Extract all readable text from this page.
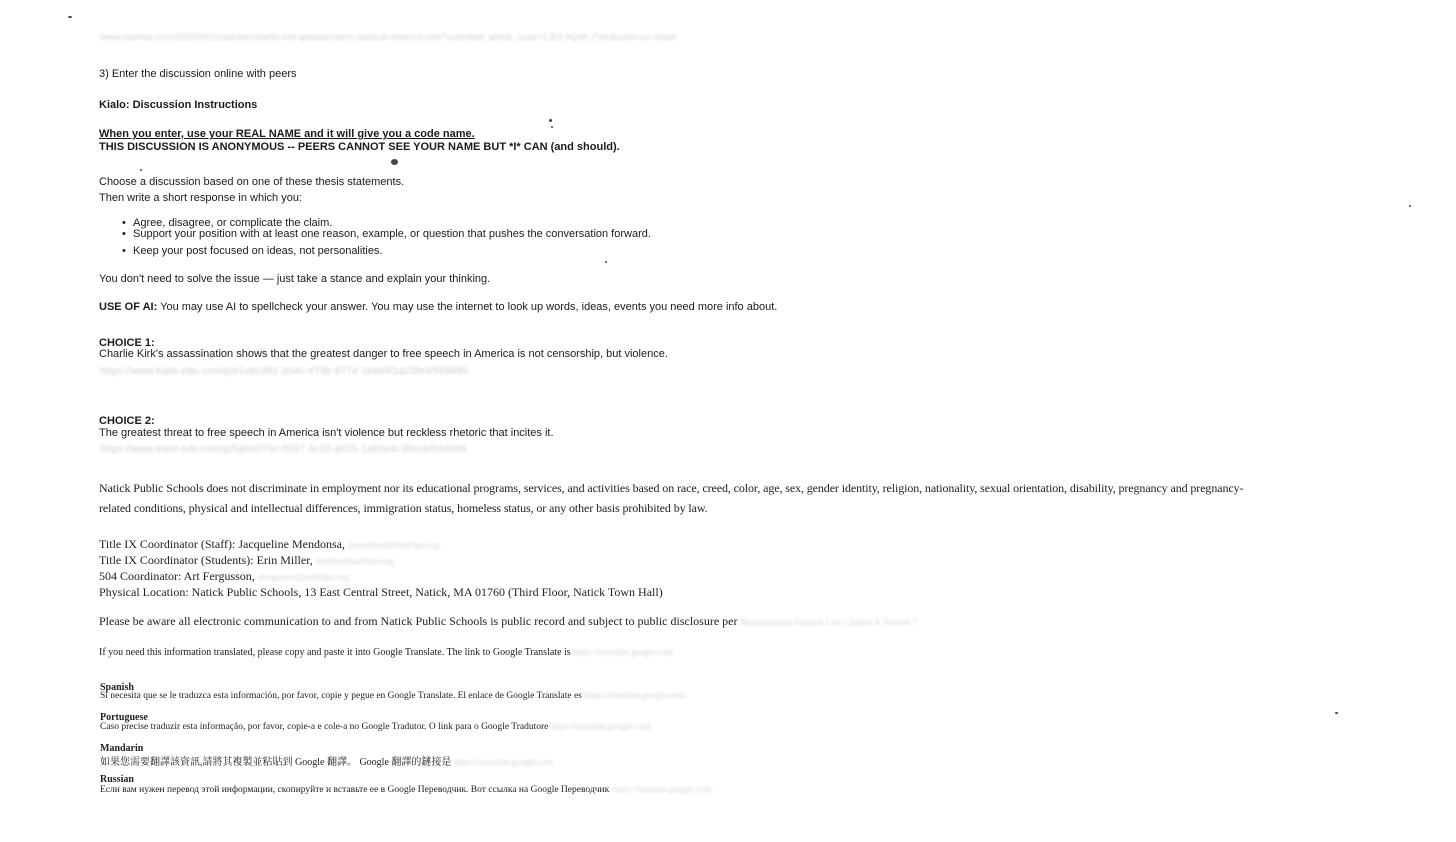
www.nytimes.com/2025/09/11/opinion/charlie-kirk-assassination-political-violence.html?unlocked_article_code=1.lE8.bQ4K.j7mh&smid=url-share
3) Enter the discussion online with peers
Kialo: Discussion Instructions
When you enter, use your REAL NAME and it will give you a code name.
THIS DISCUSSION IS ANONYMOUS -- PEERS CANNOT SEE YOUR NAME BUT *I* CAN (and should).
Choose a discussion based on one of these thesis statements.
Then write a short response in which you:
• Agree, disagree, or complicate the claim.
• Support your position with at least one reason, example, or question that pushes the conversation forward.
• Keep your post focused on ideas, not personalities.
You don't need to solve the issue — just take a stance and explain your thinking.
USE OF AI: You may use AI to spellcheck your answer. You may use the internet to look up words, ideas, events you need more info about.
CHOICE 1:
Charlie Kirk's assassination shows that the greatest danger to free speech in America is not censorship, but violence.
https://www.kialo-edu.com/p/e1ebc391-354c-473b-9774-1b4b4f1a23fe3/569689
CHOICE 2:
The greatest threat to free speech in America isn't violence but reckless rhetoric that incites it.
https://www.kialo-edu.com/p/5a0e075c-0037-4c22-a015-1a83e4c35ecb/569689
Natick Public Schools does not discriminate in employment nor its educational programs, services, and activities based on race, creed, color, age, sex, gender identity, religion, nationality, sexual orientation, disability, pregnancy and pregnancy-
related conditions, physical and intellectual differences, immigration status, homeless status, or any other basis prohibited by law.
Title IX Coordinator (Staff): Jacqueline Mendonsa, jmendonsa@natickps.org
Title IX Coordinator (Students): Erin Miller, emiller@natickps.org
504 Coordinator: Art Fergusson, afergusson@natickps.org
Physical Location: Natick Public Schools, 13 East Central Street, Natick, MA 01760 (Third Floor, Natick Town Hall)
Please be aware all electronic communication to and from Natick Public Schools is public record and subject to public disclosure per Massachusetts General Law Chapter 4, Section 7
If you need this information translated, please copy and paste it into Google Translate. The link to Google Translate is https://translate.google.com
Spanish
Si necesita que se le traduzca esta información, por favor, copie y pegue en Google Translate. El enlace de Google Translate es https://translate.google.com
Portuguese
Caso precise traduzir esta informação, por favor, copie-a e cole-a no Google Tradutor. O link para o Google Tradutore https://translate.google.com
Mandarin
如果您需要翻譯該資訊,請將其複製並粘貼到 Google 翻譯。 Google 翻譯的鏈接是 https://translate.google.com
Russian
Если вам нужен перевод этой информации, скопируйте и вставьте ее в Google Переводчик. Вот ссылка на Google Переводчик https://translate.google.com
